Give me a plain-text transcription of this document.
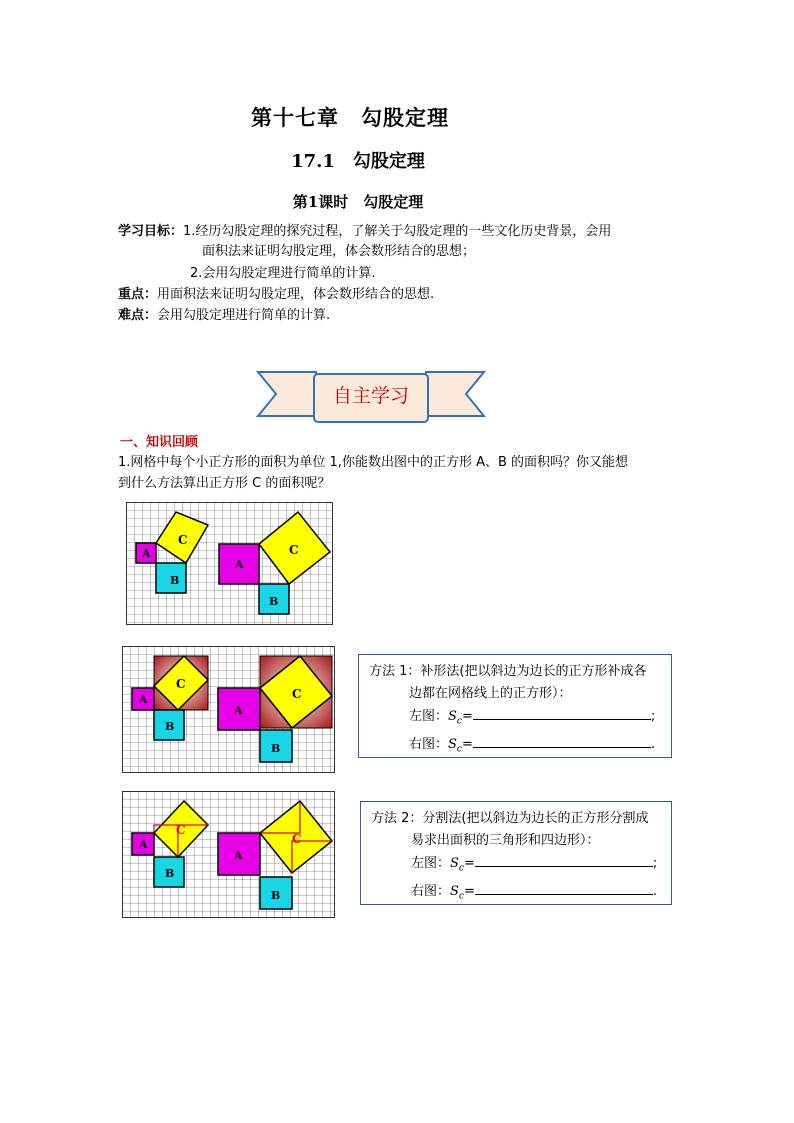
第十七章　勾股定理
17.1　勾股定理
第1课时　勾股定理
学习目标：1.经历勾股定理的探究过程，了解关于勾股定理的一些文化历史背景，会用
面积法来证明勾股定理，体会数形结合的思想；
2.会用勾股定理进行简单的计算.
重点：用面积法来证明勾股定理，体会数形结合的思想.
难点：会用勾股定理进行简单的计算.
自主学习
一、知识回顾
1.网格中每个小正方形的面积为单位 1,你能数出图中的正方形 A、B 的面积吗？你又能想
到什么方法算出正方形 C 的面积呢？
A
B
C
A
B
C
A
B
C
A
B
C
方法 1：补形法(把以斜边为边长的正方形补成各
边都在网格线上的正方形）：
左图：$S_c=$	;
右图：$S_c=$	.
A
B
C
A
B
C
方法 2：分割法(把以斜边为边长的正方形分割成
易求出面积的三角形和四边形）：
左图：$S_c=$	;
右图：$S_c=$	.
